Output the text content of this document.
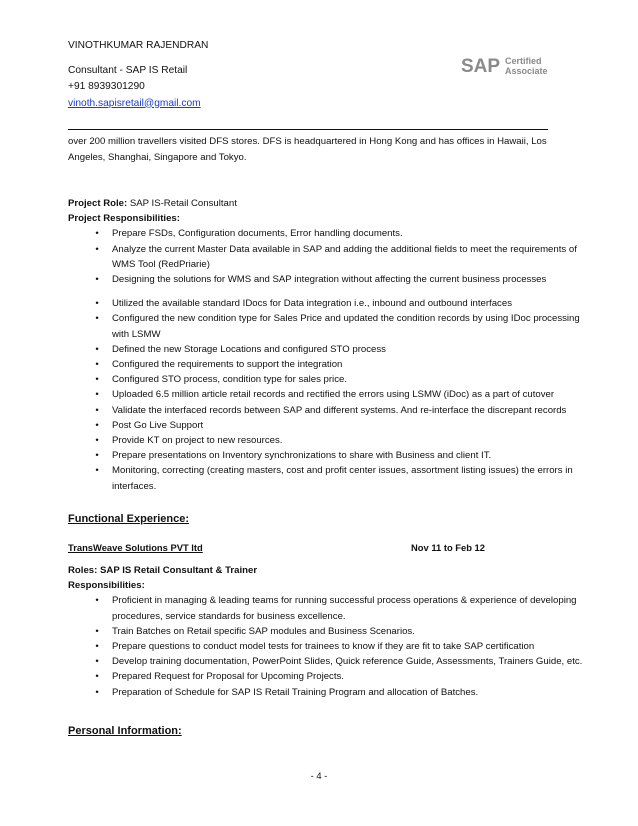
VINOTHKUMAR RAJENDRAN
Consultant - SAP IS Retail
+91 8939301290
vinoth.sapisretail@gmail.com
SAP Certified
Associate
over 200 million travellers visited DFS stores. DFS is headquartered in Hong Kong and has offices in Hawaii, Los Angeles, Shanghai, Singapore and Tokyo.
Project Role: SAP IS-Retail Consultant
Project Responsibilities:
•	Prepare FSDs, Configuration documents, Error handling documents.
•	Analyze the current Master Data available in SAP and adding the additional fields to meet the requirements of WMS Tool (RedPriarie)
•	Designing the solutions for WMS and SAP integration without affecting the current business processes
•	Utilized the available standard IDocs for Data integration i.e., inbound and outbound interfaces
•	Configured the new condition type for Sales Price and updated the condition records by using IDoc processing with LSMW
•	Defined the new Storage Locations and configured STO process
•	Configured the requirements to support the integration
•	Configured STO process, condition type for sales price.
•	Uploaded 6.5 million article retail records and rectified the errors using LSMW (iDoc) as a part of cutover
•	Validate the interfaced records between SAP and different systems. And re-interface the discrepant records
•	Post Go Live Support
•	Provide KT on project to new resources.
•	Prepare presentations on Inventory synchronizations to share with Business and client IT.
•	Monitoring, correcting (creating masters, cost and profit center issues, assortment listing issues) the errors in interfaces.
Functional Experience:
TransWeave Solutions PVT ltd	Nov 11 to Feb 12
Roles: SAP IS Retail Consultant & Trainer
Responsibilities:
•	Proficient in managing & leading teams for running successful process operations & experience of developing procedures, service standards for business excellence.
•	Train Batches on Retail specific SAP modules and Business Scenarios.
•	Prepare questions to conduct model tests for trainees to know if they are fit to take SAP certification
•	Develop training documentation, PowerPoint Slides, Quick reference Guide, Assessments, Trainers Guide, etc.
•	Prepared Request for Proposal for Upcoming Projects.
•	Preparation of Schedule for SAP IS Retail Training Program and allocation of Batches.
Personal Information:
- 4 -
